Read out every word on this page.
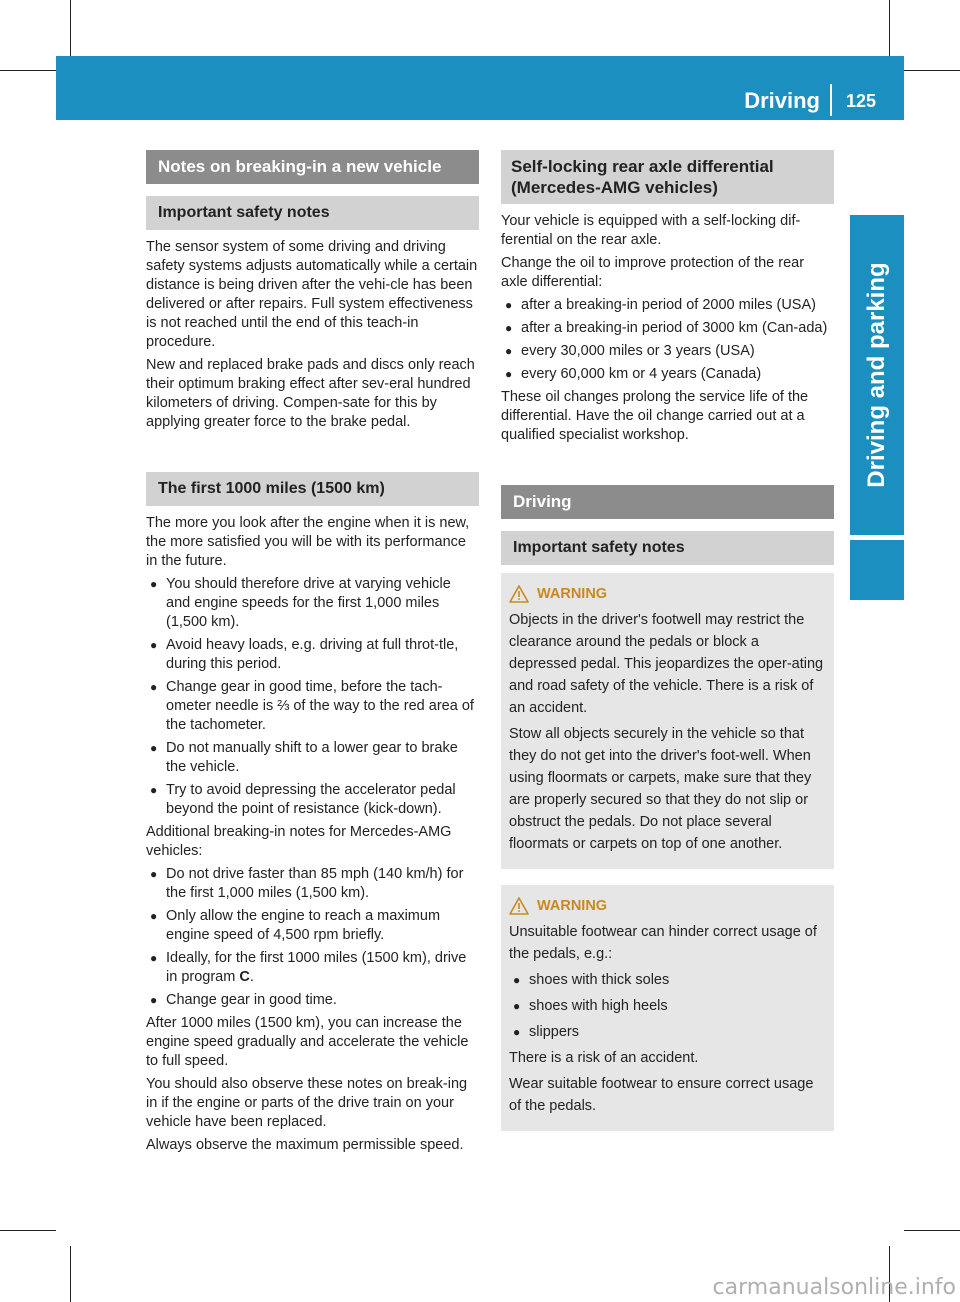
Driving 125
Driving and parking
Notes on breaking-in a new vehicle
Important safety notes

The sensor system of some driving and driving safety systems adjusts automatically while a certain distance is being driven after the vehi-cle has been delivered or after repairs. Full system effectiveness is not reached until the end of this teach-in procedure.

New and replaced brake pads and discs only reach their optimum braking effect after sev-eral hundred kilometers of driving. Compen-sate for this by applying greater force to the brake pedal.

The first 1000 miles (1500 km)

The more you look after the engine when it is new, the more satisfied you will be with its performance in the future.

● You should therefore drive at varying vehicle and engine speeds for the first 1,000 miles (1,500 km).
● Avoid heavy loads, e.g. driving at full throt-tle, during this period.
● Change gear in good time, before the tach-ometer needle is ⅔ of the way to the red area of the tachometer.
● Do not manually shift to a lower gear to brake the vehicle.
● Try to avoid depressing the accelerator pedal beyond the point of resistance (kick-down).

Additional breaking-in notes for Mercedes-AMG vehicles:

● Do not drive faster than 85 mph (140 km/h) for the first 1,000 miles (1,500 km).
● Only allow the engine to reach a maximum engine speed of 4,500 rpm briefly.
● Ideally, for the first 1000 miles (1500 km), drive in program C.
● Change gear in good time.

After 1000 miles (1500 km), you can increase the engine speed gradually and accelerate the vehicle to full speed.

You should also observe these notes on break-ing in if the engine or parts of the drive train on your vehicle have been replaced.

Always observe the maximum permissible speed.

Self-locking rear axle differential (Mercedes-AMG vehicles)

Your vehicle is equipped with a self-locking dif-ferential on the rear axle.

Change the oil to improve protection of the rear axle differential:

● after a breaking-in period of 2000 miles (USA)
● after a breaking-in period of 3000 km (Can-ada)
● every 30,000 miles or 3 years (USA)
● every 60,000 km or 4 years (Canada)

These oil changes prolong the service life of the differential. Have the oil change carried out at a qualified specialist workshop.

Driving
Important safety notes
WARNING

Objects in the driver's footwell may restrict the clearance around the pedals or block a depressed pedal. This jeopardizes the oper-ating and road safety of the vehicle. There is a risk of an accident.

Stow all objects securely in the vehicle so that they do not get into the driver's foot-well. When using floormats or carpets, make sure that they are properly secured so that they do not slip or obstruct the pedals. Do not place several floormats or carpets on top of one another.

WARNING

Unsuitable footwear can hinder correct usage of the pedals, e.g.:

● shoes with thick soles
● shoes with high heels
● slippers

There is a risk of an accident.

Wear suitable footwear to ensure correct usage of the pedals.

carmanualsonline.info
